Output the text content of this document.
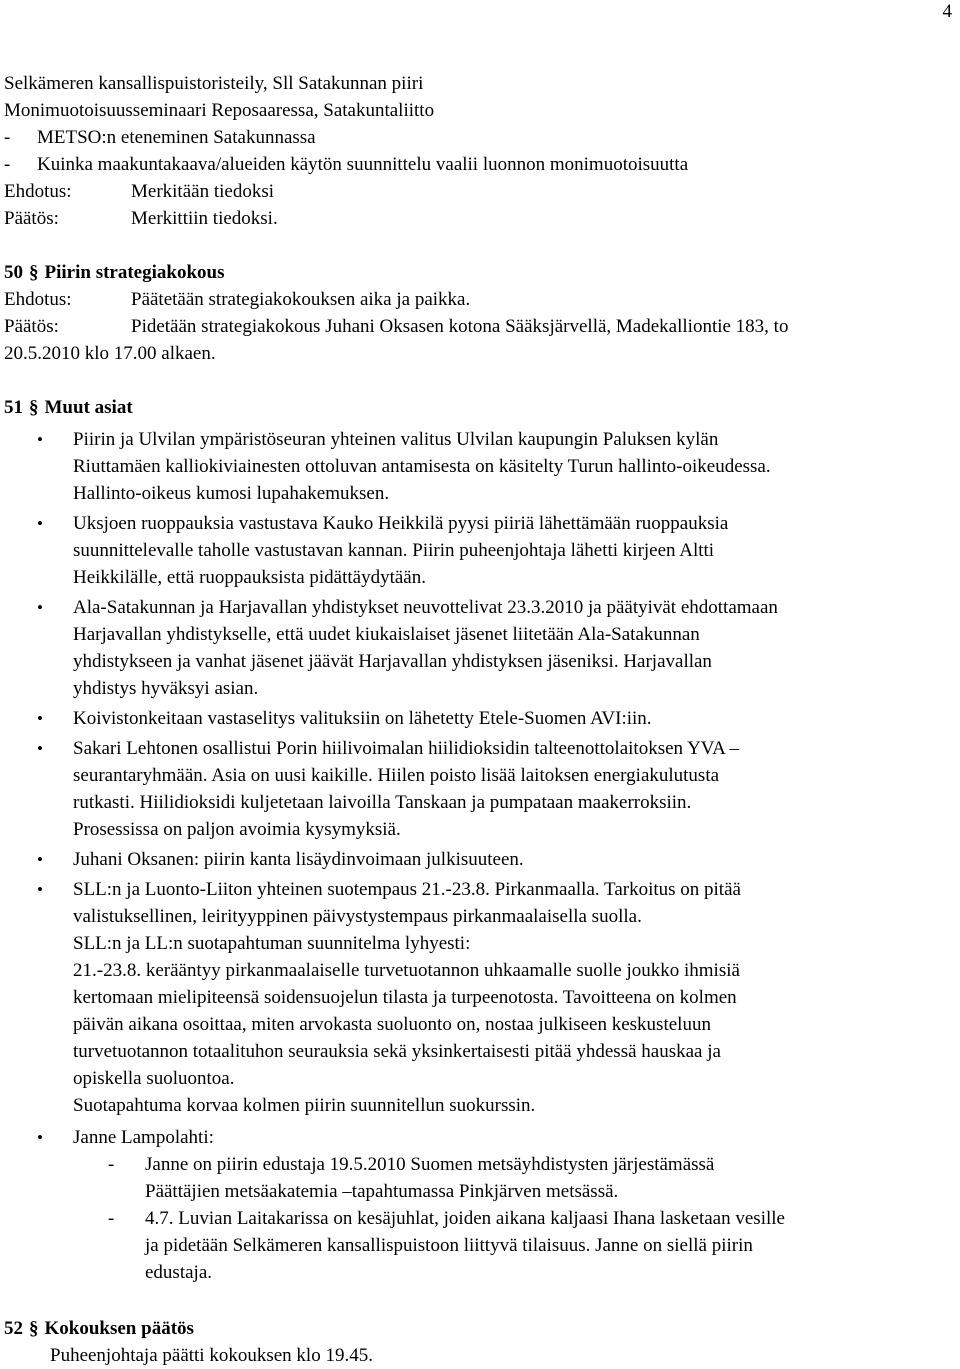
4
Selkämeren kansallispuistoristeily, Sll Satakunnan piiri
Monimuotoisuusseminaari Reposaaressa, Satakuntaliitto
- METSO:n eteneminen Satakunnassa
- Kuinka maakuntakaava/alueiden käytön suunnittelu vaalii luonnon monimuotoisuutta
Ehdotus:	Merkitään tiedoksi
Päätös:	Merkittiin tiedoksi.
50 § Piirin strategiakokous
Ehdotus:	Päätetään strategiakokouksen aika ja paikka.
Päätös:	Pidetään strategiakokous Juhani Oksasen kotona Sääksjärvellä, Madekalliontie 183, to
20.5.2010 klo 17.00 alkaen.
51 § Muut asiat
• Piirin ja Ulvilan ympäristöseuran yhteinen valitus Ulvilan kaupungin Paluksen kylän
Riuttamäen kalliokiviainesten ottoluvan antamisesta on käsitelty Turun hallinto-oikeudessa.
Hallinto-oikeus kumosi lupahakemuksen.
• Uksjoen ruoppauksia vastustava Kauko Heikkilä pyysi piiriä lähettämään ruoppauksia
suunnittelevalle taholle vastustavan kannan. Piirin puheenjohtaja lähetti kirjeen Altti
Heikkilälle, että ruoppauksista pidättäydytään.
• Ala-Satakunnan ja Harjavallan yhdistykset neuvottelivat 23.3.2010 ja päätyivät ehdottamaan
Harjavallan yhdistykselle, että uudet kiukaislaiset jäsenet liitetään Ala-Satakunnan
yhdistykseen ja vanhat jäsenet jäävät Harjavallan yhdistyksen jäseniksi. Harjavallan
yhdistys hyväksyi asian.
• Koivistonkeitaan vastaselitys valituksiin on lähetetty Etele-Suomen AVI:iin.
• Sakari Lehtonen osallistui Porin hiilivoimalan hiilidioksidin talteenottolaitoksen YVA –
seurantaryhmään. Asia on uusi kaikille. Hiilen poisto lisää laitoksen energiakulutusta
rutkasti. Hiilidioksidi kuljetetaan laivoilla Tanskaan ja pumpataan maakerroksiin.
Prosessissa on paljon avoimia kysymyksiä.
• Juhani Oksanen: piirin kanta lisäydinvoimaan julkisuuteen.
• SLL:n ja Luonto-Liiton yhteinen suotempaus 21.-23.8. Pirkanmaalla. Tarkoitus on pitää
valistuksellinen, leirityyppinen päivystystempaus pirkanmaalaisella suolla.
SLL:n ja LL:n suotapahtuman suunnitelma lyhyesti:
21.-23.8. kerääntyy pirkanmaalaiselle turvetuotannon uhkaamalle suolle joukko ihmisiä
kertomaan mielipiteensä soidensuojelun tilasta ja turpeenotosta. Tavoitteena on kolmen
päivän aikana osoittaa, miten arvokasta suoluonto on, nostaa julkiseen keskusteluun
turvetuotannon totaalituhon seurauksia sekä yksinkertaisesti pitää yhdessä hauskaa ja
opiskella suoluontoa.
Suotapahtuma korvaa kolmen piirin suunnitellun suokurssin.
• Janne Lampolahti:
- Janne on piirin edustaja 19.5.2010 Suomen metsäyhdistysten järjestämässä
Päättäjien metsäakatemia –tapahtumassa Pinkjärven metsässä.
- 4.7. Luvian Laitakarissa on kesäjuhlat, joiden aikana kaljaasi Ihana lasketaan vesille
ja pidetään Selkämeren kansallispuistoon liittyvä tilaisuus. Janne on siellä piirin
edustaja.
52 § Kokouksen päätös
Puheenjohtaja päätti kokouksen klo 19.45.
